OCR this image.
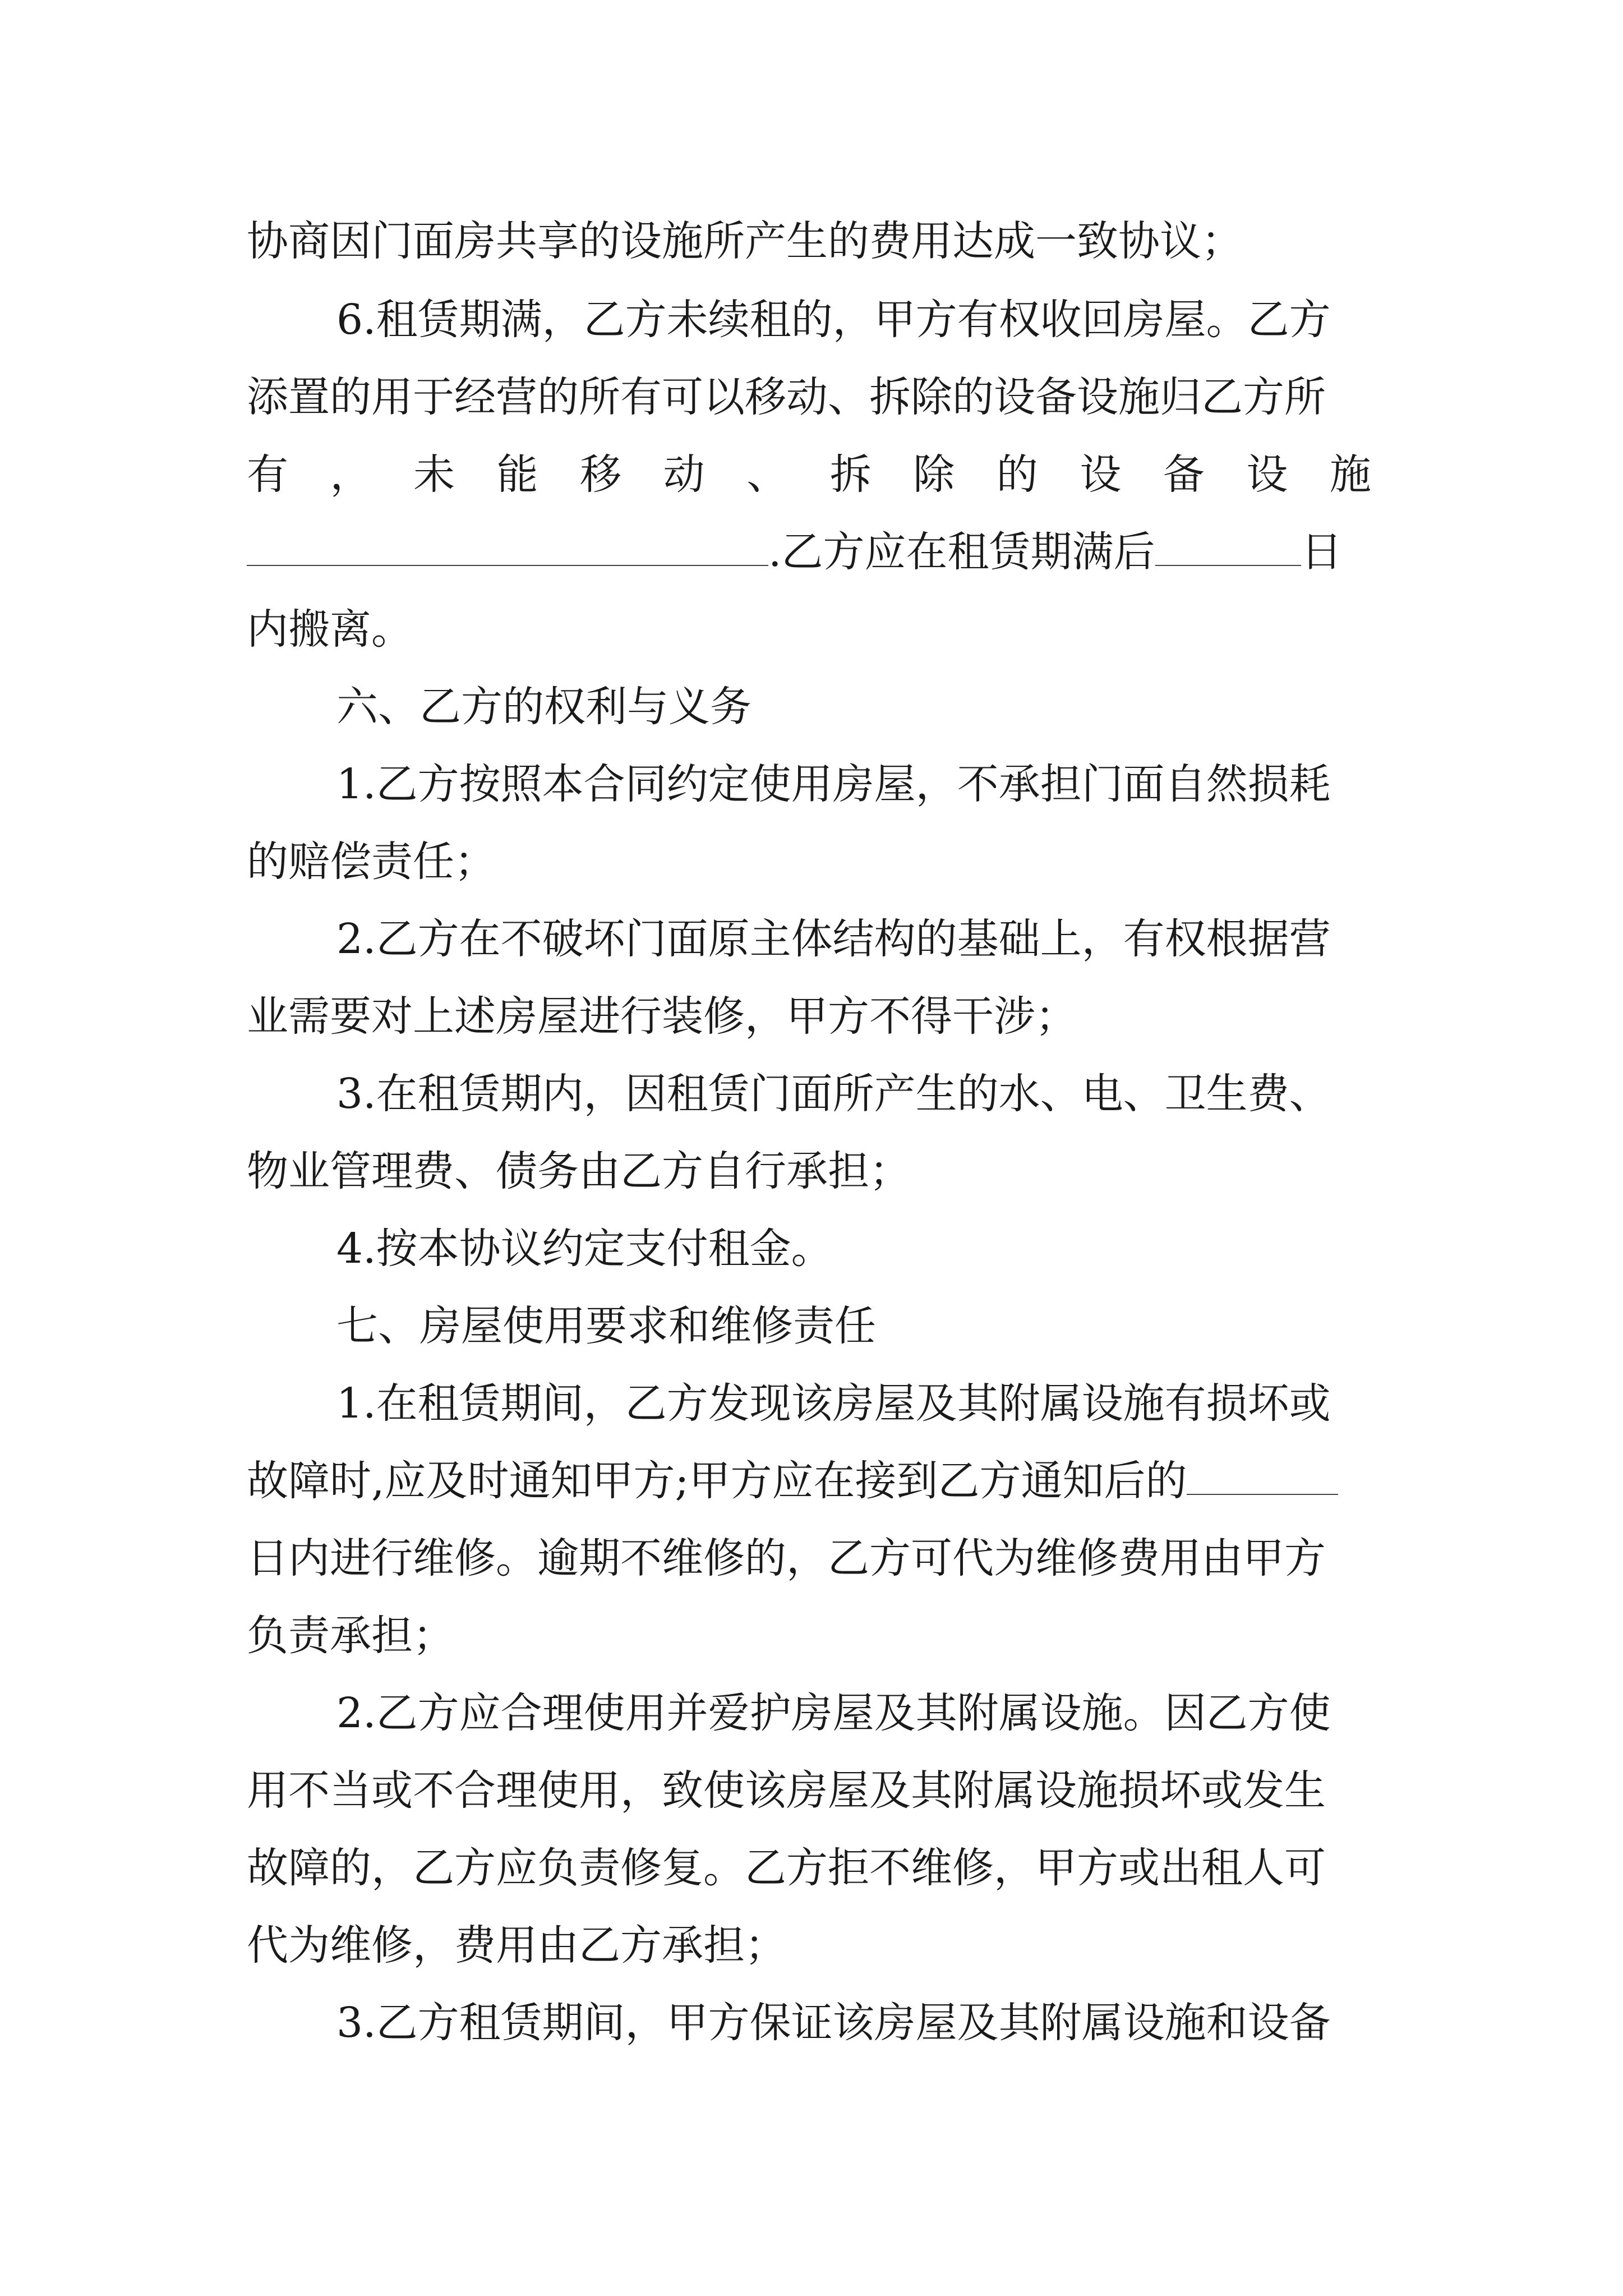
协商因门面房共享的设施所产生的费用达成一致协议；

6.租赁期满，乙方未续租的，甲方有权收回房屋。乙方

添置的用于经营的所有可以移动、拆除的设备设施归乙方所

有 ， 未 能 移 动 、 拆 除 的 设 备 设 施
.乙方应在租赁期满后	日

内搬离。

六、乙方的权利与义务

1.乙方按照本合同约定使用房屋，不承担门面自然损耗

的赔偿责任；

2.乙方在不破坏门面原主体结构的基础上，有权根据营

业需要对上述房屋进行装修，甲方不得干涉；

3.在租赁期内，因租赁门面所产生的水、电、卫生费、

物业管理费、债务由乙方自行承担；

4.按本协议约定支付租金。

七、房屋使用要求和维修责任

1.在租赁期间，乙方发现该房屋及其附属设施有损坏或

故障时,应及时通知甲方;甲方应在接到乙方通知后的

日内进行维修。逾期不维修的，乙方可代为维修费用由甲方

负责承担；

2.乙方应合理使用并爱护房屋及其附属设施。因乙方使

用不当或不合理使用，致使该房屋及其附属设施损坏或发生

故障的，乙方应负责修复。乙方拒不维修，甲方或出租人可

代为维修，费用由乙方承担；

3.乙方租赁期间，甲方保证该房屋及其附属设施和设备
